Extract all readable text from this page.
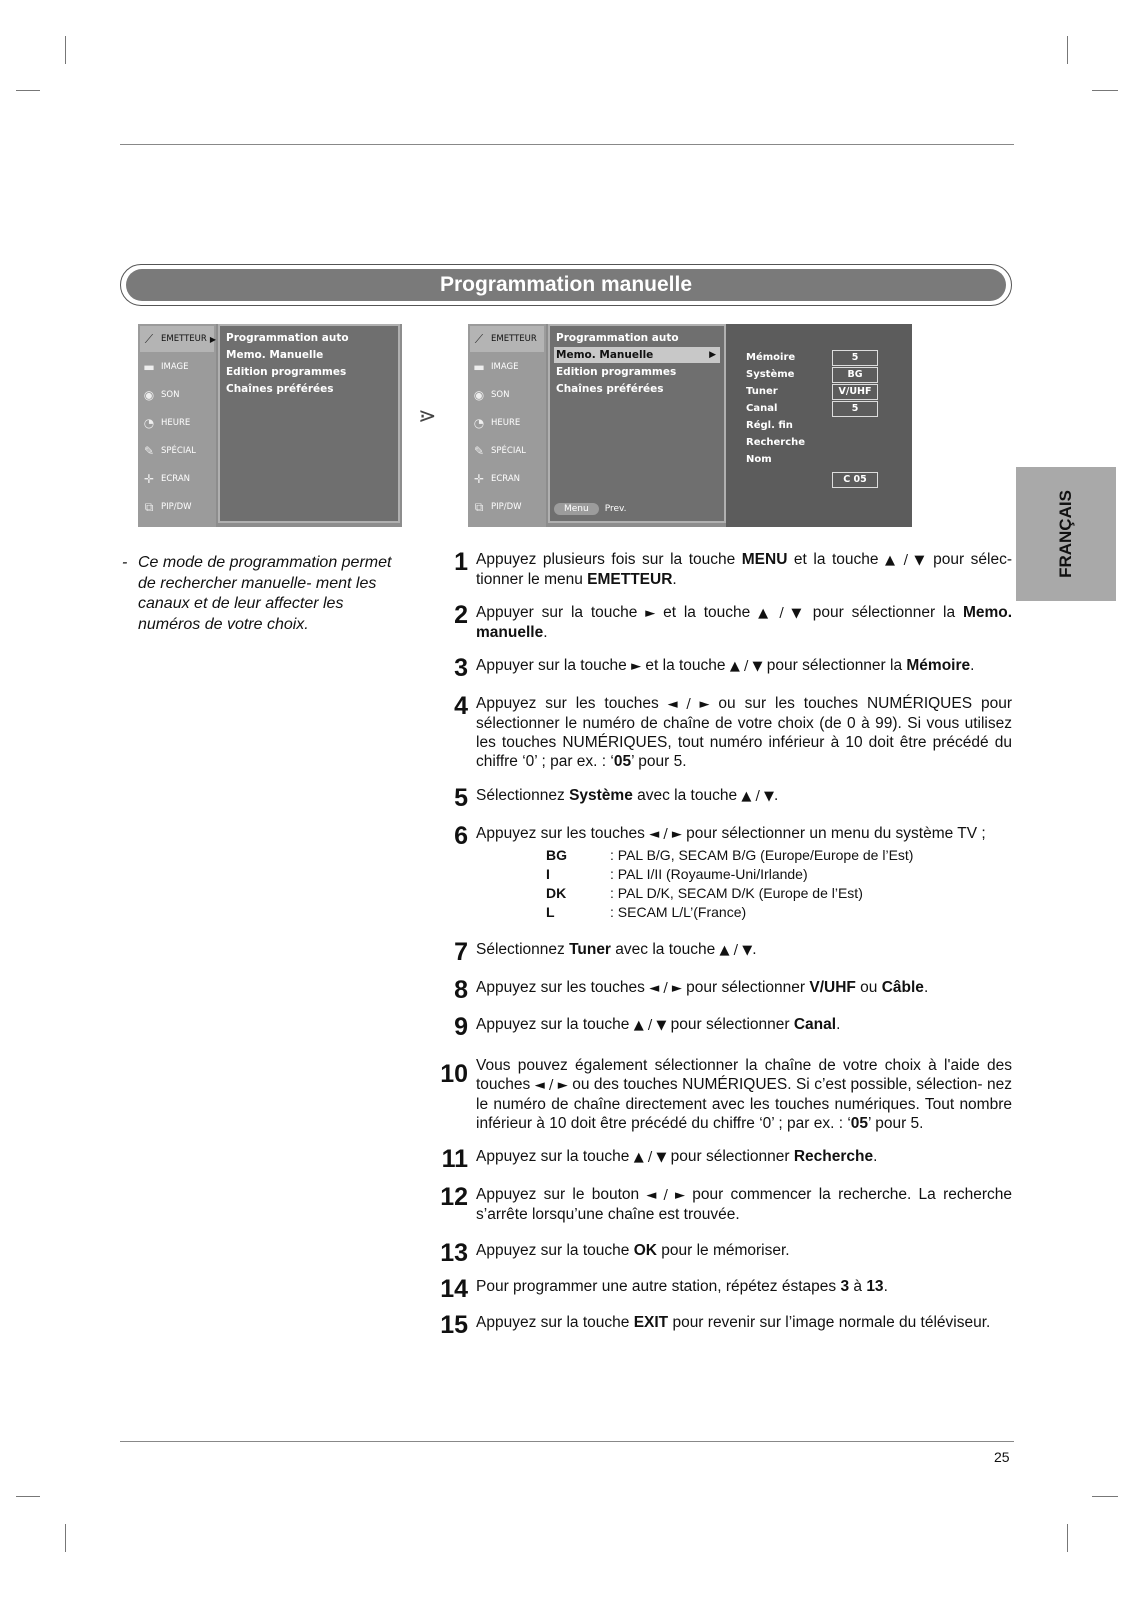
Programmation manuelle
⟋ EMETTEUR ▶
▬ IMAGE
◉ SON
◔ HEURE
✎ SPÉCIAL
✛ ECRAN
⧉ PIP/DW
Programmation auto
Memo. Manuelle
Edition programmes
Chaînes préférées
⋗
⟋ EMETTEUR
▬ IMAGE
◉ SON
◔ HEURE
✎ SPÉCIAL
✛ ECRAN
⧉ PIP/DW
Programmation auto
Memo. Manuelle	▶
Edition programmes
Chaînes préférées
Menu	Prev.
Mémoire	5
Système	BG
Tuner	V/UHF
Canal	5
Régl. fin
Recherche
Nom
C 05
FRANÇAIS
- Ce mode de programmation permet de rechercher manuelle- ment les canaux et de leur affecter les numéros de votre choix.
1 Appuyez plusieurs fois sur la touche MENU et la touche ▲ / ▼ pour sélec- tionner le menu EMETTEUR.
2 Appuyer sur la touche ► et la touche ▲ / ▼ pour sélectionner la Memo. manuelle.
3 Appuyer sur la touche ► et la touche ▲ / ▼ pour sélectionner la Mémoire.
4 Appuyez sur les touches ◄ / ► ou sur les touches NUMÉRIQUES pour sélectionner le numéro de chaîne de votre choix (de 0 à 99). Si vous utilisez les touches NUMÉRIQUES, tout numéro inférieur à 10 doit être précédé du chiffre ‘0’ ; par ex. : ‘05’ pour 5.
5 Sélectionnez Système avec la touche ▲ / ▼.
6 Appuyez sur les touches ◄ / ► pour sélectionner un menu du système TV ;
BG	: PAL B/G, SECAM B/G (Europe/Europe de l’Est)
I	: PAL I/II (Royaume-Uni/Irlande)
DK	: PAL D/K, SECAM D/K (Europe de l’Est)
L	: SECAM L/L’(France)
7 Sélectionnez Tuner avec la touche ▲ / ▼.
8 Appuyez sur les touches ◄ / ► pour sélectionner V/UHF ou Câble.
9 Appuyez sur la touche ▲ / ▼ pour sélectionner Canal.
10 Vous pouvez également sélectionner la chaîne de votre choix à l'aide des touches ◄ / ► ou des touches NUMÉRIQUES. Si c’est possible, sélection- nez le numéro de chaîne directement avec les touches numériques. Tout nombre inférieur à 10 doit être précédé du chiffre ‘0’ ; par ex. : ‘05’ pour 5.
11 Appuyez sur la touche ▲ / ▼ pour sélectionner Recherche.
12 Appuyez sur le bouton ◄ / ► pour commencer la recherche. La recherche s’arrête lorsqu’une chaîne est trouvée.
13 Appuyez sur la touche OK pour le mémoriser.
14 Pour programmer une autre station, répétez éstapes 3 à 13.
15 Appuyez sur la touche EXIT pour revenir sur l’image normale du téléviseur.
25
